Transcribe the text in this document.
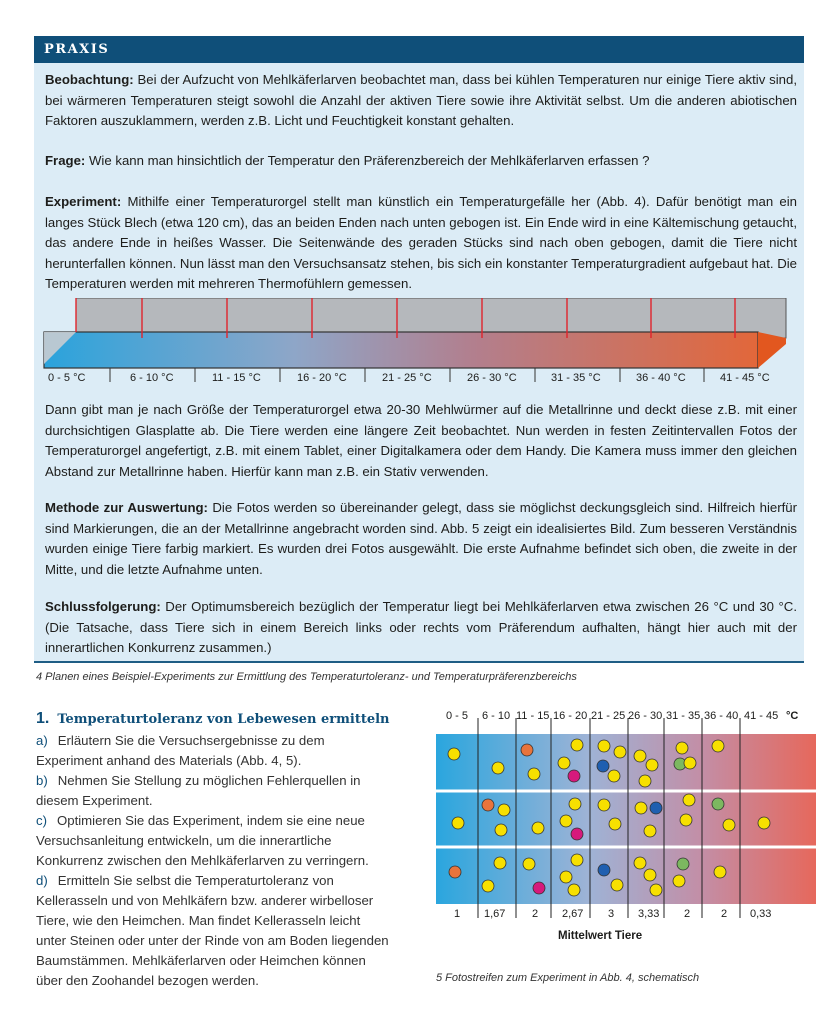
PRAXIS

Beobachtung: Bei der Aufzucht von Mehlkäferlarven beobachtet man, dass bei kühlen Temperaturen nur einige Tiere aktiv sind, bei wärmeren Temperaturen steigt sowohl die Anzahl der aktiven Tiere sowie ihre Aktivität selbst. Um die anderen abiotischen Faktoren auszuklammern, werden z.B. Licht und Feuchtigkeit konstant gehalten.

Frage: Wie kann man hinsichtlich der Temperatur den Präferenzbereich der Mehlkäferlarven erfassen ?

Experiment: Mithilfe einer Temperaturorgel stellt man künstlich ein Temperaturgefälle her (Abb. 4). Dafür benötigt man ein langes Stück Blech (etwa 120 cm), das an beiden Enden nach unten gebogen ist. Ein Ende wird in eine Kältemischung getaucht, das andere Ende in heißes Wasser. Die Seitenwände des geraden Stücks sind nach oben gebogen, damit die Tiere nicht herunterfallen können. Nun lässt man den Versuchsansatz stehen, bis sich ein konstanter Temperaturgradient aufgebaut hat. Die Temperaturen werden mit mehreren Thermofühlern gemessen.

0 - 5 °C	6 - 10 °C	11 - 15 °C	16 - 20 °C	21 - 25 °C	26 - 30 °C	31 - 35 °C	36 - 40 °C	41 - 45 °C

Dann gibt man je nach Größe der Temperaturorgel etwa 20-30 Mehlwürmer auf die Metallrinne und deckt diese z.B. mit einer durchsichtigen Glasplatte ab. Die Tiere werden eine längere Zeit beobachtet. Nun werden in festen Zeitintervallen Fotos der Temperaturorgel angefertigt, z.B. mit einem Tablet, einer Digitalkamera oder dem Handy. Die Kamera muss immer den gleichen Abstand zur Metallrinne haben. Hierfür kann man z.B. ein Stativ verwenden.

Methode zur Auswertung: Die Fotos werden so übereinander gelegt, dass sie möglichst deckungsgleich sind. Hilfreich hierfür sind Markierungen, die an der Metallrinne angebracht worden sind. Abb. 5 zeigt ein idealisiertes Bild. Zum besseren Verständnis wurden einige Tiere farbig markiert. Es wurden drei Fotos ausgewählt. Die erste Aufnahme befindet sich oben, die zweite in der Mitte, und die letzte Aufnahme unten.

Schlussfolgerung: Der Optimumsbereich bezüglich der Temperatur liegt bei Mehlkäferlarven etwa zwischen 26 °C und 30 °C. (Die Tatsache, dass Tiere sich in einem Bereich links oder rechts vom Präferendum aufhalten, hängt hier auch mit der innerartlichen Konkurrenz zusammen.)

4 Planen eines Beispiel-Experiments zur Ermittlung des Temperaturtoleranz- und Temperaturpräferenzbereichs
1. Temperaturtoleranz von Lebewesen ermitteln

a) Erläutern Sie die Versuchsergebnisse zu dem Experiment anhand des Materials (Abb. 4, 5).

b) Nehmen Sie Stellung zu möglichen Fehlerquellen in diesem Experiment.

c) Optimieren Sie das Experiment, indem sie eine neue Versuchsanleitung entwickeln, um die innerartliche Konkurrenz zwischen den Mehlkäferlarven zu verringern.

d) Ermitteln Sie selbst die Temperaturtoleranz von Kellerasseln und von Mehlkäfern bzw. anderer wirbelloser Tiere, wie den Heimchen. Man findet Kellerasseln leicht unter Steinen oder unter der Rinde von am Boden liegenden Baumstämmen. Mehlkäferlarven oder Heimchen können über den Zoohandel bezogen werden.

0 - 5 6 - 10 11 - 15 16 - 20 21 - 25 26 - 30 31 - 35 36 - 40 41 - 45 °C
1 1,67 2 2,67 3 3,33 2	2 0,33
Mittelwert Tiere
5 Fotostreifen zum Experiment in Abb. 4, schematisch
